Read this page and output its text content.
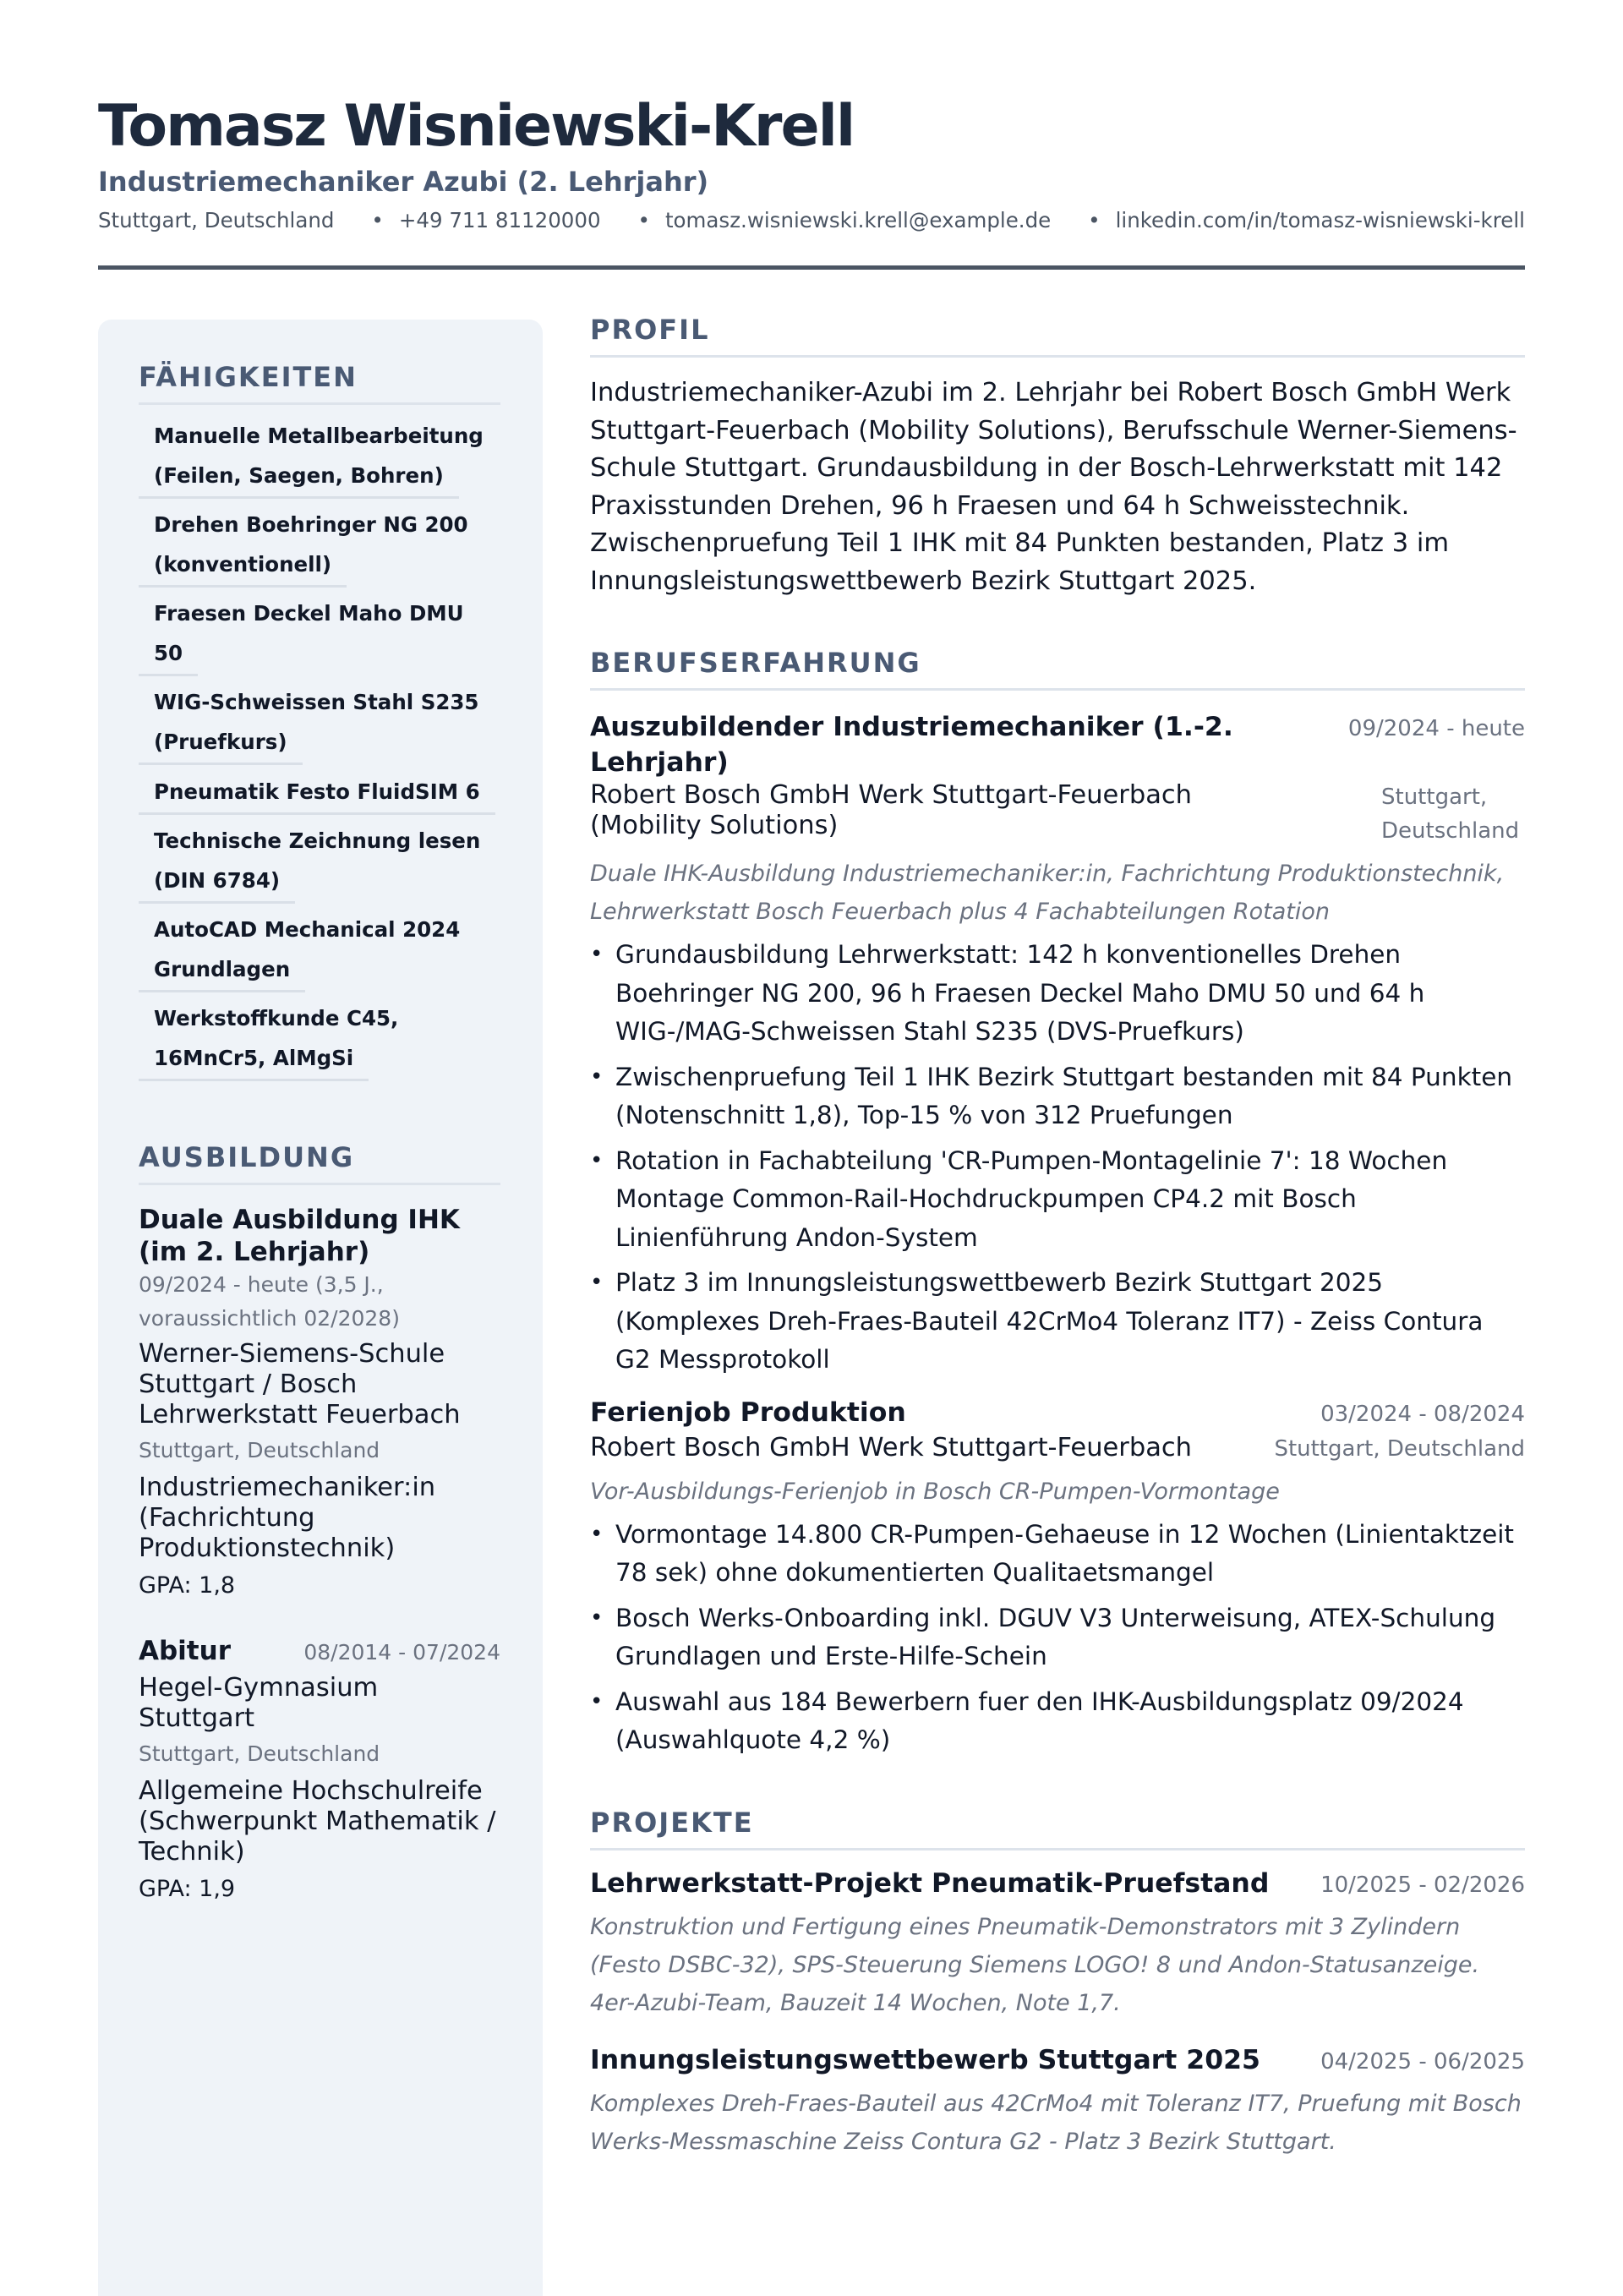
Tomasz Wisniewski-Krell
Industriemechaniker Azubi (2. Lehrjahr)
Stuttgart, Deutschland • +49 711 81120000 • tomasz.wisniewski.krell@example.de • linkedin.com/in/tomasz-wisniewski-krell
FÄHIGKEITEN
Manuelle Metallbearbeitung
(Feilen, Saegen, Bohren)
Drehen Boehringer NG 200
(konventionell)
Fraesen Deckel Maho DMU
50
WIG-Schweissen Stahl S235
(Pruefkurs)
Pneumatik Festo FluidSIM 6
Technische Zeichnung lesen
(DIN 6784)
AutoCAD Mechanical 2024
Grundlagen
Werkstoffkunde C45,
16MnCr5, AlMgSi
AUSBILDUNG
Duale Ausbildung IHK (im 2. Lehrjahr)
09/2024 - heute (3,5 J., voraussichtlich 02/2028)
Werner-Siemens-Schule Stuttgart / Bosch Lehrwerkstatt Feuerbach
Stuttgart, Deutschland
Industriemechaniker:in (Fachrichtung Produktionstechnik)
GPA: 1,8
Abitur	08/2014 - 07/2024
Hegel-Gymnasium Stuttgart
Stuttgart, Deutschland
Allgemeine Hochschulreife (Schwerpunkt Mathematik / Technik)
GPA: 1,9
PROFIL
Industriemechaniker-Azubi im 2. Lehrjahr bei Robert Bosch GmbH Werk Stuttgart-Feuerbach (Mobility Solutions), Berufsschule Werner-Siemens-Schule Stuttgart. Grundausbildung in der Bosch-Lehrwerkstatt mit 142 Praxisstunden Drehen, 96 h Fraesen und 64 h Schweisstechnik. Zwischenpruefung Teil 1 IHK mit 84 Punkten bestanden, Platz 3 im Innungsleistungswettbewerb Bezirk Stuttgart 2025.
BERUFSERFAHRUNG
Auszubildender Industriemechaniker (1.-2. Lehrjahr)
09/2024 - heute
Robert Bosch GmbH Werk Stuttgart-Feuerbach (Mobility Solutions)
Stuttgart, Deutschland
Duale IHK-Ausbildung Industriemechaniker:in, Fachrichtung Produktionstechnik, Lehrwerkstatt Bosch Feuerbach plus 4 Fachabteilungen Rotation
• Grundausbildung Lehrwerkstatt: 142 h konventionelles Drehen Boehringer NG 200, 96 h Fraesen Deckel Maho DMU 50 und 64 h WIG-/MAG-Schweissen Stahl S235 (DVS-Pruefkurs)
• Zwischenpruefung Teil 1 IHK Bezirk Stuttgart bestanden mit 84 Punkten (Notenschnitt 1,8), Top-15 % von 312 Pruefungen
• Rotation in Fachabteilung 'CR-Pumpen-Montagelinie 7': 18 Wochen Montage Common-Rail-Hochdruckpumpen CP4.2 mit Bosch Linienführung Andon-System
• Platz 3 im Innungsleistungswettbewerb Bezirk Stuttgart 2025 (Komplexes Dreh-Fraes-Bauteil 42CrMo4 Toleranz IT7) - Zeiss Contura G2 Messprotokoll
Ferienjob Produktion	03/2024 - 08/2024
Robert Bosch GmbH Werk Stuttgart-Feuerbach	Stuttgart, Deutschland
Vor-Ausbildungs-Ferienjob in Bosch CR-Pumpen-Vormontage
• Vormontage 14.800 CR-Pumpen-Gehaeuse in 12 Wochen (Linientaktzeit 78 sek) ohne dokumentierten Qualitaetsmangel
• Bosch Werks-Onboarding inkl. DGUV V3 Unterweisung, ATEX-Schulung Grundlagen und Erste-Hilfe-Schein
• Auswahl aus 184 Bewerbern fuer den IHK-Ausbildungsplatz 09/2024 (Auswahlquote 4,2 %)
PROJEKTE
Lehrwerkstatt-Projekt Pneumatik-Pruefstand 10/2025 - 02/2026
Konstruktion und Fertigung eines Pneumatik-Demonstrators mit 3 Zylindern (Festo DSBC-32), SPS-Steuerung Siemens LOGO! 8 und Andon-Statusanzeige. 4er-Azubi-Team, Bauzeit 14 Wochen, Note 1,7.
Innungsleistungswettbewerb Stuttgart 2025	04/2025 - 06/2025
Komplexes Dreh-Fraes-Bauteil aus 42CrMo4 mit Toleranz IT7, Pruefung mit Bosch Werks-Messmaschine Zeiss Contura G2 - Platz 3 Bezirk Stuttgart.
